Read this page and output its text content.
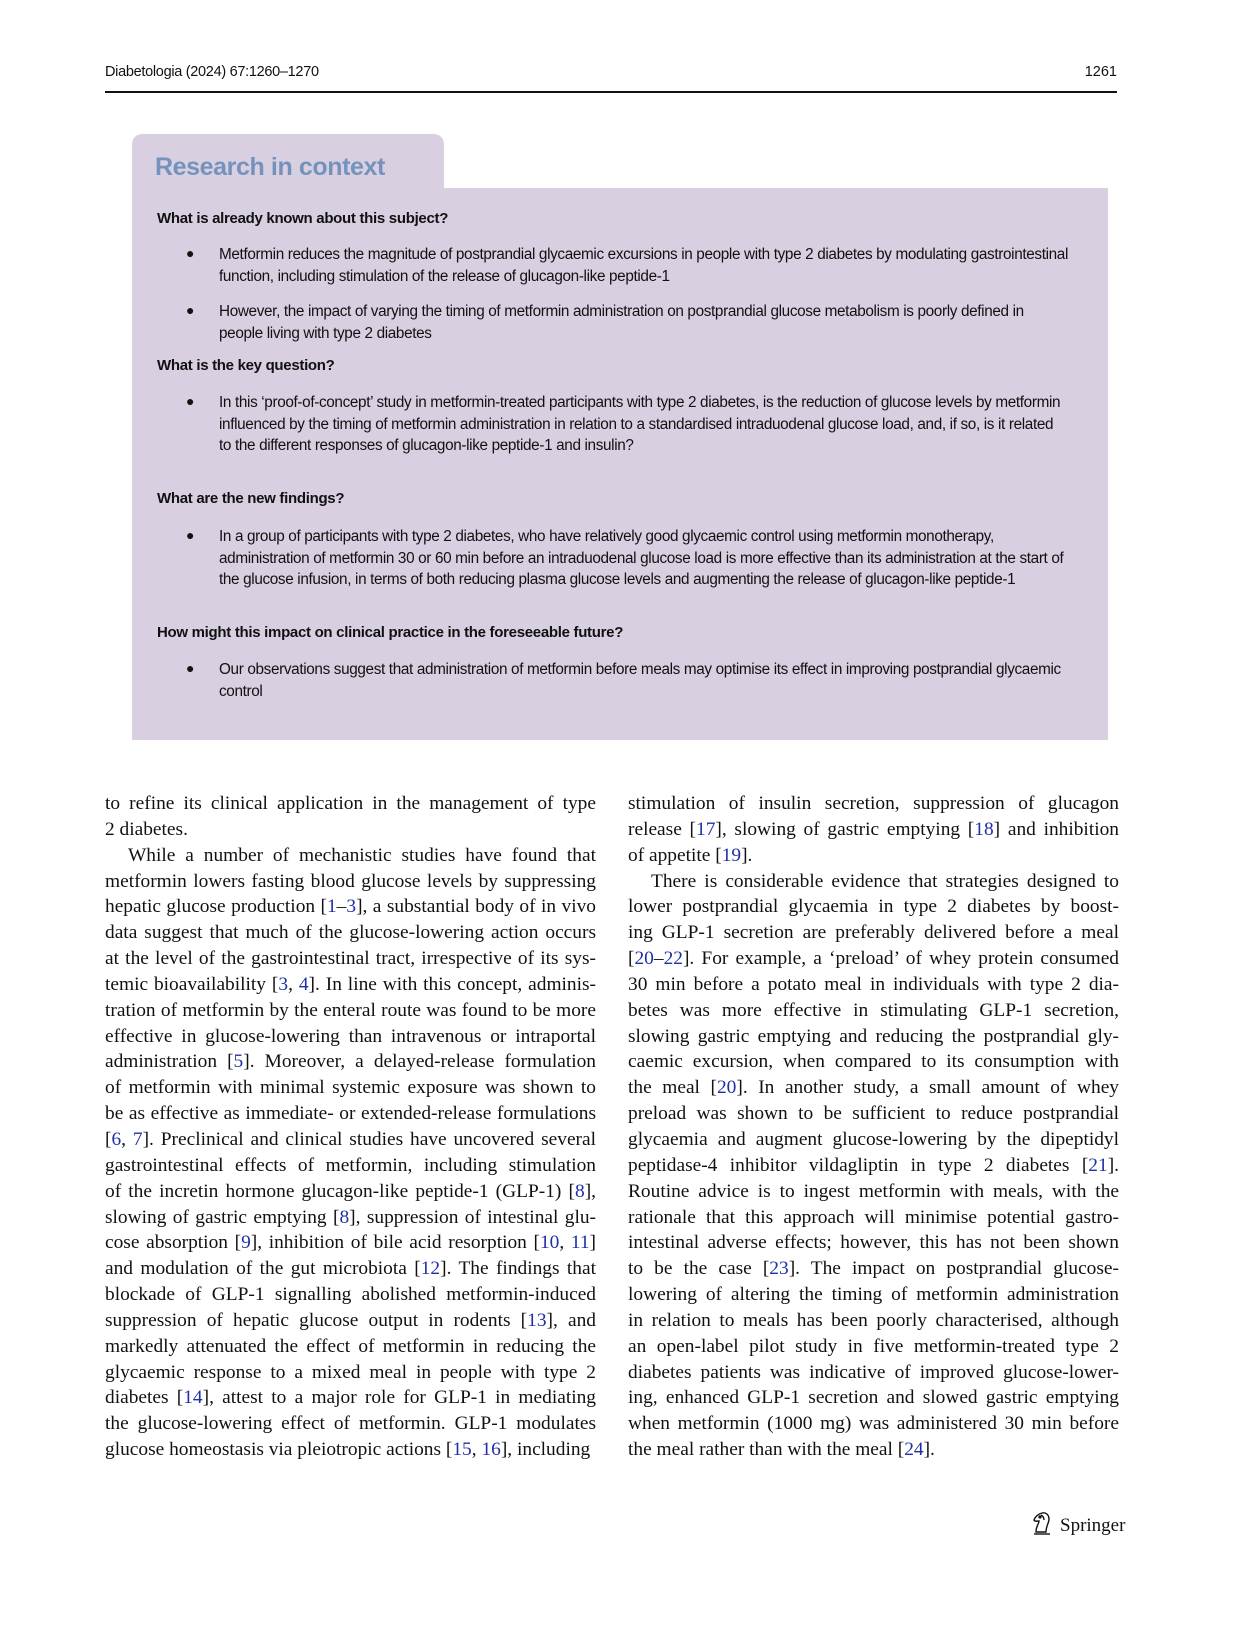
Diabetologia (2024) 67:1260–1270	1261
Research in context
What is already known about this subject?
● Metformin reduces the magnitude of postprandial glycaemic excursions in people with type 2 diabetes by modulating gastrointestinal function, including stimulation of the release of glucagon-like peptide-1
● However, the impact of varying the timing of metformin administration on postprandial glucose metabolism is poorly defined in people living with type 2 diabetes
What is the key question?
● In this ‘proof-of-concept’ study in metformin-treated participants with type 2 diabetes, is the reduction of glucose levels by metformin influenced by the timing of metformin administration in relation to a standardised intraduodenal glucose load, and, if so, is it related to the different responses of glucagon-like peptide-1 and insulin?
What are the new findings?
● In a group of participants with type 2 diabetes, who have relatively good glycaemic control using metformin monotherapy, administration of metformin 30 or 60 min before an intraduodenal glucose load is more effective than its administration at the start of the glucose infusion, in terms of both reducing plasma glucose levels and augmenting the release of glucagon-like peptide-1
How might this impact on clinical practice in the foreseeable future?
● Our observations suggest that administration of metformin before meals may optimise its effect in improving postprandial glycaemic control
to refine its clinical application in the management of type
2 diabetes.
While a number of mechanistic studies have found that
metformin lowers fasting blood glucose levels by suppressing
hepatic glucose production [1–3], a substantial body of in vivo
data suggest that much of the glucose-lowering action occurs
at the level of the gastrointestinal tract, irrespective of its sys-
temic bioavailability [3, 4]. In line with this concept, adminis-
tration of metformin by the enteral route was found to be more
effective in glucose-lowering than intravenous or intraportal
administration [5]. Moreover, a delayed-release formulation
of metformin with minimal systemic exposure was shown to
be as effective as immediate- or extended-release formulations
[6, 7]. Preclinical and clinical studies have uncovered several
gastrointestinal effects of metformin, including stimulation
of the incretin hormone glucagon-like peptide-1 (GLP-1) [8],
slowing of gastric emptying [8], suppression of intestinal glu-
cose absorption [9], inhibition of bile acid resorption [10, 11]
and modulation of the gut microbiota [12]. The findings that
blockade of GLP-1 signalling abolished metformin-induced
suppression of hepatic glucose output in rodents [13], and
markedly attenuated the effect of metformin in reducing the
glycaemic response to a mixed meal in people with type 2
diabetes [14], attest to a major role for GLP-1 in mediating
the glucose-lowering effect of metformin. GLP-1 modulates
glucose homeostasis via pleiotropic actions [15, 16], including
stimulation of insulin secretion, suppression of glucagon
release [17], slowing of gastric emptying [18] and inhibition
of appetite [19].
There is considerable evidence that strategies designed to
lower postprandial glycaemia in type 2 diabetes by boost-
ing GLP-1 secretion are preferably delivered before a meal
[20–22]. For example, a ‘preload’ of whey protein consumed
30 min before a potato meal in individuals with type 2 dia-
betes was more effective in stimulating GLP-1 secretion,
slowing gastric emptying and reducing the postprandial gly-
caemic excursion, when compared to its consumption with
the meal [20]. In another study, a small amount of whey
preload was shown to be sufficient to reduce postprandial
glycaemia and augment glucose-lowering by the dipeptidyl
peptidase-4 inhibitor vildagliptin in type 2 diabetes [21].
Routine advice is to ingest metformin with meals, with the
rationale that this approach will minimise potential gastro-
intestinal adverse effects; however, this has not been shown
to be the case [23]. The impact on postprandial glucose-
lowering of altering the timing of metformin administration
in relation to meals has been poorly characterised, although
an open-label pilot study in five metformin-treated type 2
diabetes patients was indicative of improved glucose-lower-
ing, enhanced GLP-1 secretion and slowed gastric emptying
when metformin (1000 mg) was administered 30 min before
the meal rather than with the meal [24].
Springer
